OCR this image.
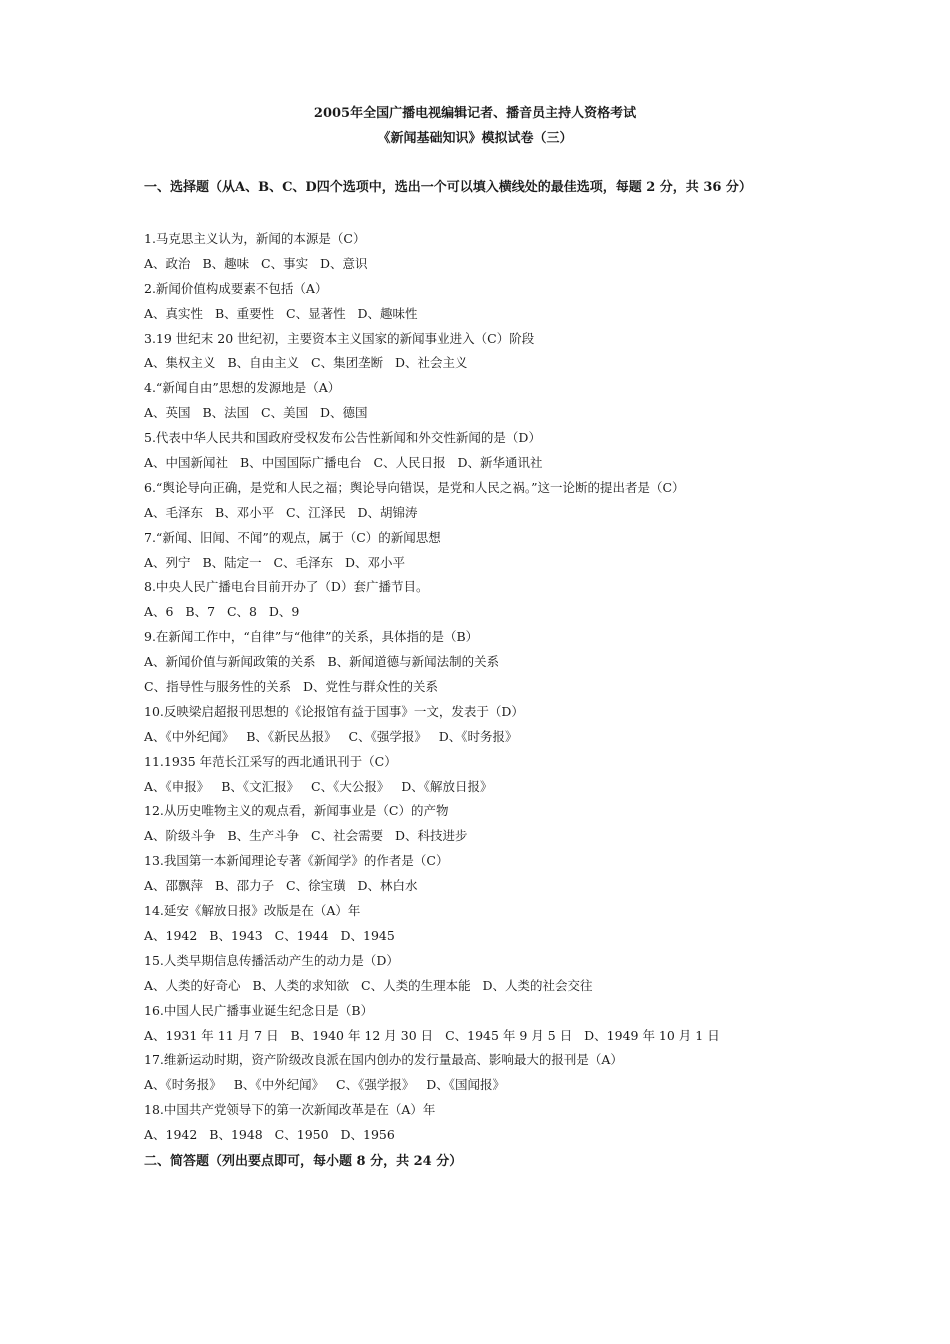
2005年全国广播电视编辑记者、播音员主持人资格考试
《新闻基础知识》模拟试卷（三）
一、选择题（从A、B、C、D四个选项中，选出一个可以填入横线处的最佳选项，每题 2 分，共 36 分）
1.马克思主义认为，新闻的本源是（C）
A、政治   B、趣味   C、事实   D、意识
2.新闻价值构成要素不包括（A）
A、真实性   B、重要性   C、显著性   D、趣味性
3.19 世纪末 20 世纪初，主要资本主义国家的新闻事业进入（C）阶段
A、集权主义   B、自由主义   C、集团垄断   D、社会主义
4.“新闻自由”思想的发源地是（A）
A、英国   B、法国   C、美国   D、德国
5.代表中华人民共和国政府受权发布公告性新闻和外交性新闻的是（D）
A、中国新闻社   B、中国国际广播电台   C、人民日报   D、新华通讯社
6.“舆论导向正确，是党和人民之福；舆论导向错误，是党和人民之祸。”这一论断的提出者是（C）
A、毛泽东   B、邓小平   C、江泽民   D、胡锦涛
7.“新闻、旧闻、不闻”的观点，属于（C）的新闻思想
A、列宁   B、陆定一   C、毛泽东   D、邓小平
8.中央人民广播电台目前开办了（D）套广播节目。
A、6   B、7   C、8   D、9
9.在新闻工作中，“自律”与“他律”的关系，具体指的是（B）
A、新闻价值与新闻政策的关系   B、新闻道德与新闻法制的关系
C、指导性与服务性的关系   D、党性与群众性的关系
10.反映梁启超报刊思想的《论报馆有益于国事》一文，发表于（D）
A、《中外纪闻》   B、《新民丛报》   C、《强学报》   D、《时务报》
11.1935 年范长江采写的西北通讯刊于（C）
A、《申报》   B、《文汇报》   C、《大公报》   D、《解放日报》
12.从历史唯物主义的观点看，新闻事业是（C）的产物
A、阶级斗争   B、生产斗争   C、社会需要   D、科技进步
13.我国第一本新闻理论专著《新闻学》的作者是（C）
A、邵飘萍   B、邵力子   C、徐宝璜   D、林白水
14.延安《解放日报》改版是在（A）年
A、1942   B、1943   C、1944   D、1945
15.人类早期信息传播活动产生的动力是（D）
A、人类的好奇心   B、人类的求知欲   C、人类的生理本能   D、人类的社会交往
16.中国人民广播事业诞生纪念日是（B）
A、1931 年 11 月 7 日   B、1940 年 12 月 30 日   C、1945 年 9 月 5 日   D、1949 年 10 月 1 日
17.维新运动时期，资产阶级改良派在国内创办的发行量最高、影响最大的报刊是（A）
A、《时务报》   B、《中外纪闻》   C、《强学报》   D、《国闻报》
18.中国共产党领导下的第一次新闻改革是在（A）年
A、1942   B、1948   C、1950   D、1956
二、简答题（列出要点即可，每小题 8 分，共 24 分）
